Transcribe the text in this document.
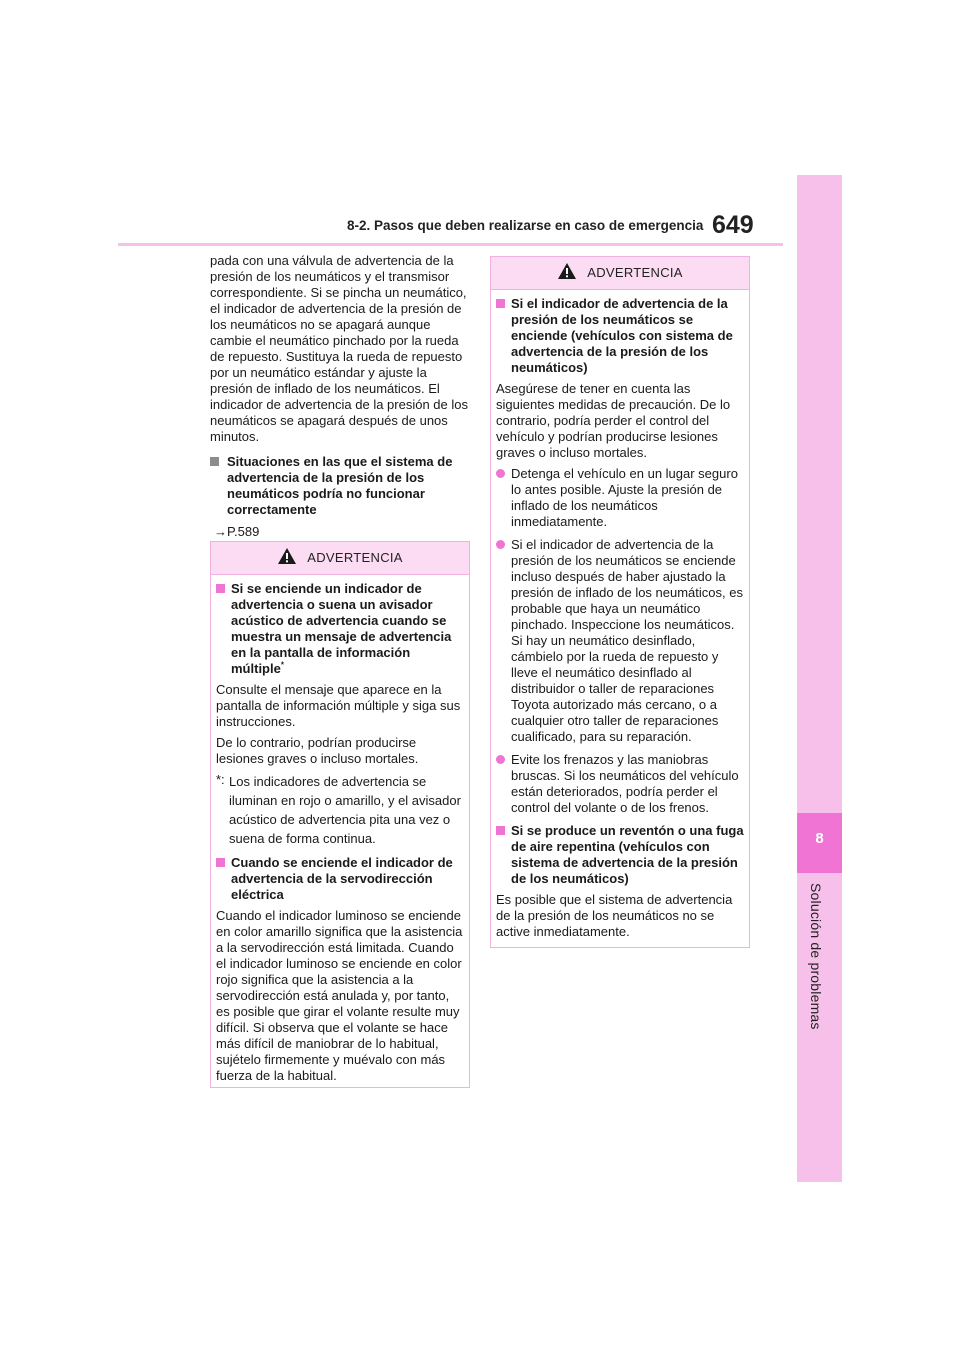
8-2. Pasos que deben realizarse en caso de emergencia 649
8
Solución de problemas

pada con una válvula de advertencia de la presión de los neumáticos y el transmisor correspondiente. Si se pincha un neumático, el indicador de advertencia de la presión de los neumáticos no se apagará aunque cambie el neumático pinchado por la rueda de repuesto. Sustituya la rueda de repuesto por un neumático estándar y ajuste la presión de inflado de los neumáticos. El indicador de advertencia de la presión de los neumáticos se apagará después de unos minutos.

Situaciones en las que el sistema de advertencia de la presión de los neumáticos podría no funcionar correctamente
→P.589
ADVERTENCIA
Si se enciende un indicador de advertencia o suena un avisador acústico de advertencia cuando se muestra un mensaje de advertencia en la pantalla de información múltiple*

Consulte el mensaje que aparece en la pantalla de información múltiple y siga sus instrucciones.

De lo contrario, podrían producirse lesiones graves o incluso mortales.

*: Los indicadores de advertencia se iluminan en rojo o amarillo, y el avisador acústico de advertencia pita una vez o suena de forma continua.
Cuando se enciende el indicador de advertencia de la servodirección eléctrica

Cuando el indicador luminoso se enciende en color amarillo significa que la asistencia a la servodirección está limitada. Cuando el indicador luminoso se enciende en color rojo significa que la asistencia a la servodirección está anulada y, por tanto, es posible que girar el volante resulte muy difícil. Si observa que el volante se hace más difícil de maniobrar de lo habitual, sujételo firmemente y muévalo con más fuerza de la habitual.

ADVERTENCIA
Si el indicador de advertencia de la presión de los neumáticos se enciende (vehículos con sistema de advertencia de la presión de los neumáticos)

Asegúrese de tener en cuenta las siguientes medidas de precaución. De lo contrario, podría perder el control del vehículo y podrían producirse lesiones graves o incluso mortales.

Detenga el vehículo en un lugar seguro lo antes posible. Ajuste la presión de inflado de los neumáticos inmediatamente.
Si el indicador de advertencia de la presión de los neumáticos se enciende incluso después de haber ajustado la presión de inflado de los neumáticos, es probable que haya un neumático pinchado. Inspeccione los neumáticos. Si hay un neumático desinflado, cámbielo por la rueda de repuesto y lleve el neumático desinflado al distribuidor o taller de reparaciones Toyota autorizado más cercano, o a cualquier otro taller de reparaciones cualificado, para su reparación.
Evite los frenazos y las maniobras bruscas. Si los neumáticos del vehículo están deteriorados, podría perder el control del volante o de los frenos.
Si se produce un reventón o una fuga de aire repentina (vehículos con sistema de advertencia de la presión de los neumáticos)

Es posible que el sistema de advertencia de la presión de los neumáticos no se active inmediatamente.
